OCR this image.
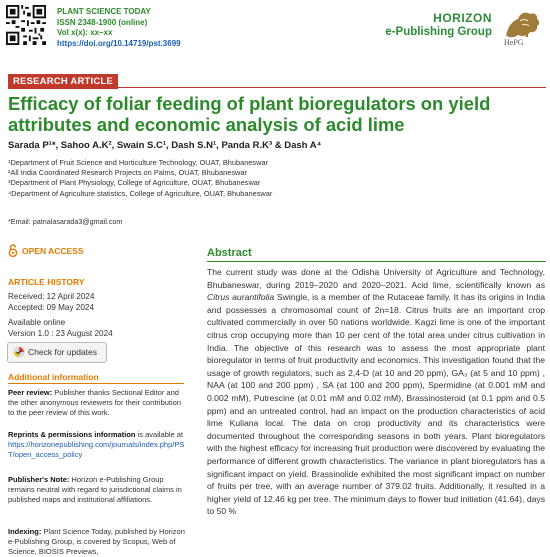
PLANT SCIENCE TODAY
ISSN 2348-1900 (online)
Vol x(x): xx–xx
https://doi.org/10.14719/pst.3699
HORIZON
e-Publishing Group
HePG
RESEARCH ARTICLE
Efficacy of foliar feeding of plant bioregulators on yield attributes and economic analysis of acid lime
Sarada P¹*, Sahoo A.K², Swain S.C¹, Dash S.N¹, Panda R.K³ & Dash A⁴
¹Department of Fruit Science and Horticulture Technology, OUAT, Bhubaneswar
²All India Coordinated Research Projects on Palms, OUAT, Bhubaneswar
³Department of Plant Physiology, College of Agriculture, OUAT, Bhubaneswar
⁴Department of Agriculture statistics, College of Agriculture, OUAT, Bhubaneswar
*Email: patnalasarada3@gmail.com
OPEN ACCESS
ARTICLE HISTORY
Received: 12 April 2024
Accepted: 09 May 2024
Available online
Version 1.0 : 23 August 2024
Check for updates
Additional information
Peer review: Publisher thanks Sectional Editor and the other anonymous reviewers for their contribution to the peer review of this work.
Reprints & permissions information is available at https://horizonepublishing.com/journals/index.php/PST/open_access_policy
Publisher's Note: Horizon e-Publishing Group remains neutral with regard to jurisdictional claims in published maps and institutional affiliations.
Indexing: Plant Science Today, published by Horizon e-Publishing Group, is covered by Scopus, Web of Science, BIOSIS Previews,
Abstract
The current study was done at the Odisha University of Agriculture and Technology, Bhubaneswar, during 2019–2020 and 2020–2021. Acid lime, scientifically known as Citrus aurantifolia Swingle, is a member of the Rutaceae family. It has its origins in India and possesses a chromosomal count of 2n=18. Citrus fruits are an important crop cultivated commercially in over 50 nations worldwide. Kagzi lime is one of the important citrus crop occupying more than 10 per cent of the total area under citrus cultivation in India. The objective of this research was to assess the most appropriate plant bioregulator in terms of fruit productivity and economics. This investigation found that the usage of growth regulators, such as 2,4-D (at 10 and 20 ppm), GA₃ (at 5 and 10 ppm) , NAA (at 100 and 200 ppm) , SA (at 100 and 200 ppm), Spermidine (at 0.001 mM and 0.002 mM), Putrescine (at 0.01 mM and 0.02 mM), Brassinosteroid (at 0.1 ppm and 0.5 ppm) and an untreated control, had an impact on the production characteristics of acid lime Kuliana local. The data on crop productivity and its characteristics were documented throughout the corresponding seasons in both years. Plant bioregulators with the highest efficacy for increasing fruit production were discovered by evaluating the performance of different growth characteristics. The variance in plant bioregulators has a significant impact on yield. Brassinolide exhibited the most significant impact on number of fruits per tree, with an average number of 379.02 fruits. Additionally, it resulted in a higher yield of 12.46 kg per tree. The minimum days to flower bud initiation (41.64), days to 50 %
